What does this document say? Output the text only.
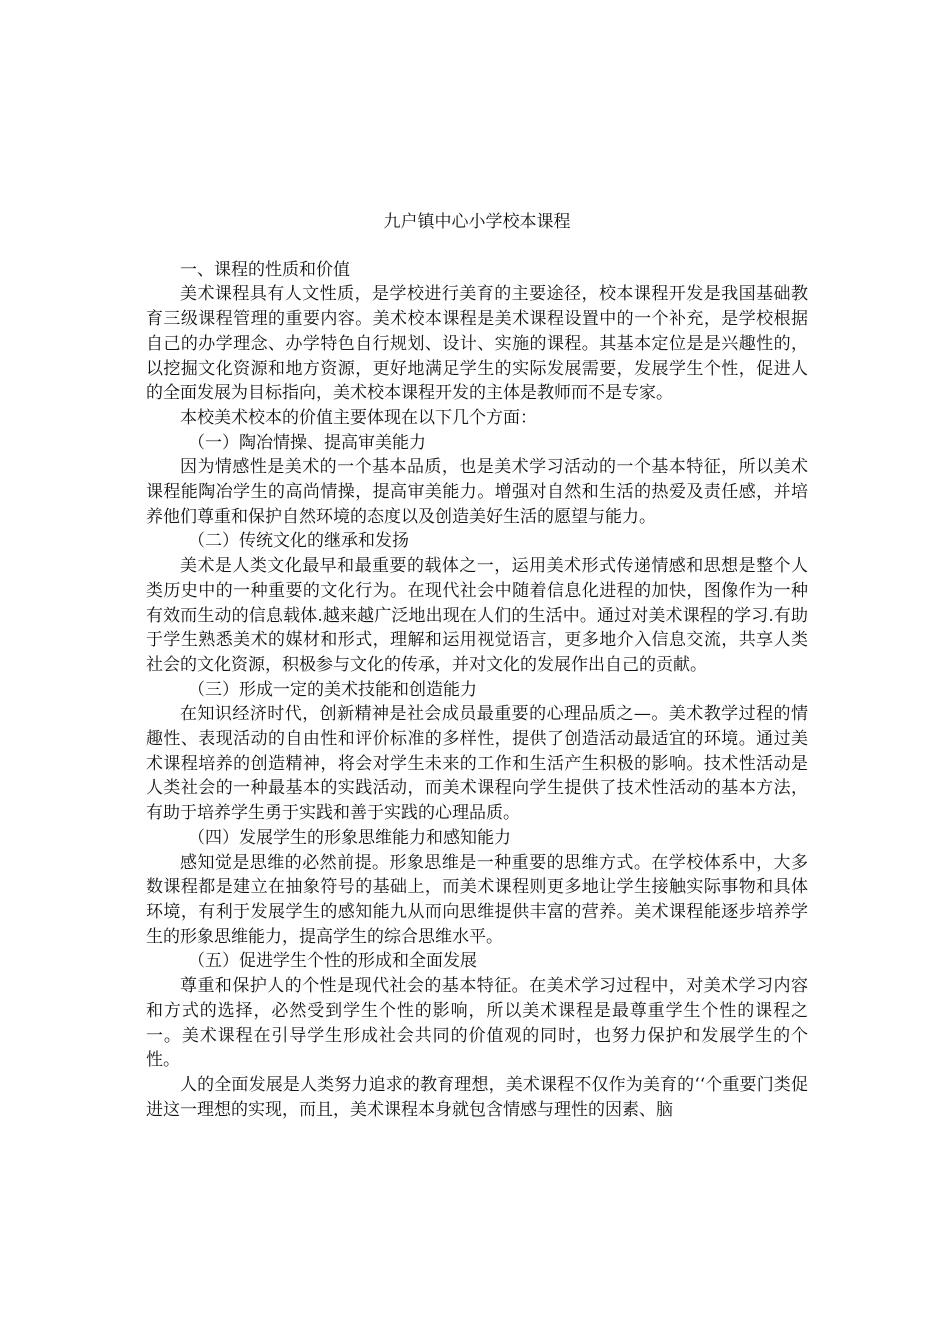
九户镇中心小学校本课程

一、课程的性质和价值

美术课程具有人文性质，是学校进行美育的主要途径，校本课程开发是我国基础教育三级课程管理的重要内容。美术校本课程是美术课程设置中的一个补充，是学校根据自己的办学理念、办学特色自行规划、设计、实施的课程。其基本定位是是兴趣性的，以挖掘文化资源和地方资源，更好地满足学生的实际发展需要，发展学生个性，促进人的全面发展为目标指向，美术校本课程开发的主体是教师而不是专家。

本校美术校本的价值主要体现在以下几个方面：

（一）陶冶情操、提高审美能力

因为情感性是美术的一个基本品质，也是美术学习活动的一个基本特征，所以美术课程能陶冶学生的高尚情操，提高审美能力。增强对自然和生活的热爱及责任感，并培养他们尊重和保护自然环境的态度以及创造美好生活的愿望与能力。

（二）传统文化的继承和发扬

美术是人类文化最早和最重要的载体之一，运用美术形式传递情感和思想是整个人类历史中的一种重要的文化行为。在现代社会中随着信息化进程的加快，图像作为一种有效而生动的信息载体.越来越广泛地出现在人们的生活中。通过对美术课程的学习.有助于学生熟悉美术的媒材和形式，理解和运用视觉语言，更多地介入信息交流，共享人类社会的文化资源，积极参与文化的传承，并对文化的发展作出自己的贡献。

（三）形成一定的美术技能和创造能力

在知识经济时代，创新精神是社会成员最重要的心理品质之—。美术教学过程的情趣性、表现活动的自由性和评价标准的多样性，提供了创造活动最适宜的环境。通过美术课程培养的创造精神，将会对学生未来的工作和生活产生积极的影响。技术性活动是人类社会的一种最基本的实践活动，而美术课程向学生提供了技术性活动的基本方法，有助于培养学生勇于实践和善于实践的心理品质。

（四）发展学生的形象思维能力和感知能力

感知觉是思维的必然前提。形象思维是一种重要的思维方式。在学校体系中，大多数课程都是建立在抽象符号的基础上，而美术课程则更多地让学生接触实际事物和具体环境，有利于发展学生的感知能九从而向思维提供丰富的营养。美术课程能逐步培养学生的形象思维能力，提高学生的综合思维水平。

（五）促进学生个性的形成和全面发展

尊重和保护人的个性是现代社会的基本特征。在美术学习过程中，对美术学习内容和方式的选择，必然受到学生个性的影响，所以美术课程是最尊重学生个性的课程之一。美术课程在引导学生形成社会共同的价值观的同时，也努力保护和发展学生的个性。

人的全面发展是人类努力追求的教育理想，美术课程不仅作为美育的‘‘个重要门类促进这一理想的实现，而且，美术课程本身就包含情感与理性的因素、脑
